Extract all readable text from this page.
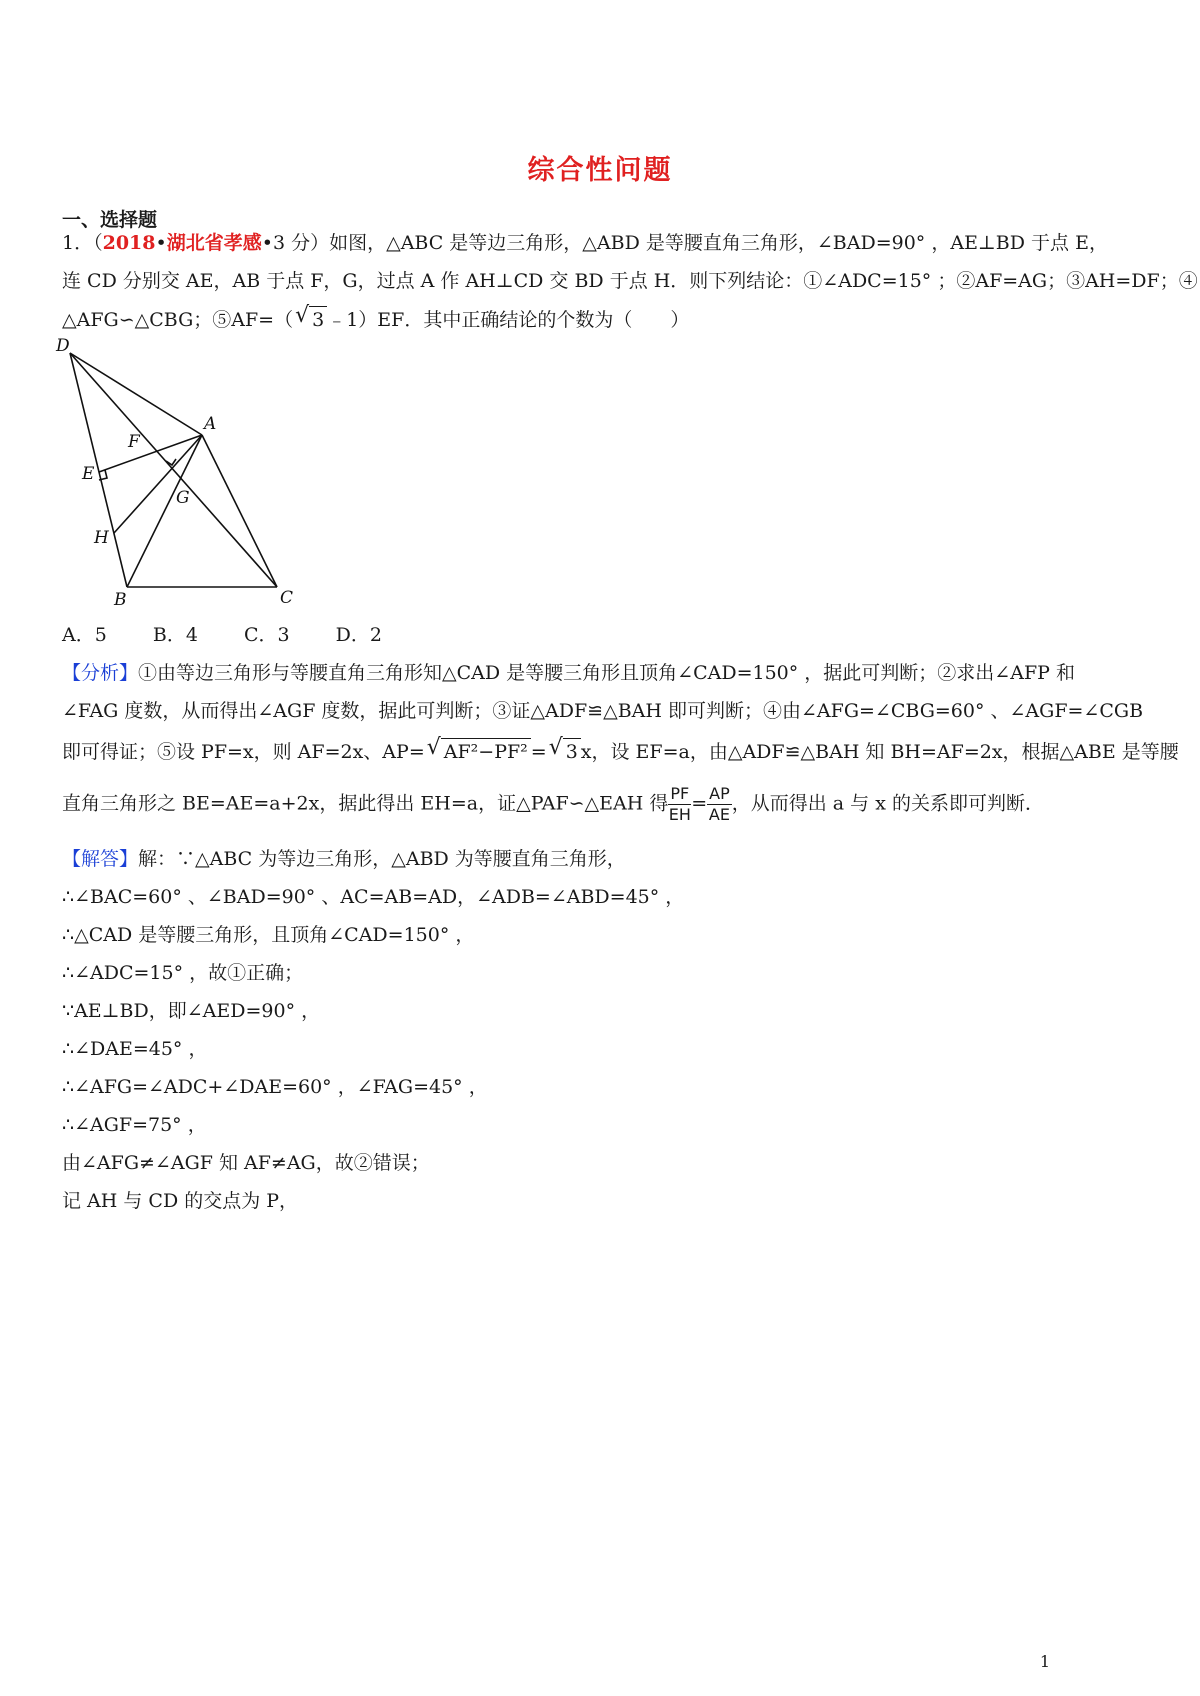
综合性问题
一、选择题
1．（2018•湖北省孝感•3 分）如图，△ABC 是等边三角形，△ABD 是等腰直角三角形，∠BAD=90° ，AE⊥BD 于点 E，
连 CD 分别交 AE，AB 于点 F，G，过点 A 作 AH⊥CD 交 BD 于点 H．则下列结论：①∠ADC=15° ；②AF=AG；③AH=DF；④
△AFG∽△CBG；⑤AF=（ √ 3 ﹣1）EF．其中正确结论的个数为（　　）
D
A
F
E
G
H
B	C
A．5 B．4 C．3 D．2
【分析】①由等边三角形与等腰直角三角形知△CAD 是等腰三角形且顶角∠CAD=150° ，据此可判断；②求出∠AFP 和
∠FAG 度数，从而得出∠AGF 度数，据此可判断；③证△ADF≌△BAH 即可判断；④由∠AFG=∠CBG=60° 、∠AGF=∠CGB
即可得证；⑤设 PF=x，则 AF=2x、AP= √ AF²−PF² = √ 3 x，设 EF=a，由△ADF≌△BAH 知 BH=AF=2x，根据△ABE 是等腰
直角三角形之 BE=AE=a+2x，据此得出 EH=a，证△PAF∽△EAH 得 $\frac{PF}{EH} = \frac{AP}{AE}$ ，从而得出 a 与 x 的关系即可判断．
【解答】解：∵△ABC 为等边三角形，△ABD 为等腰直角三角形，
∴∠BAC=60° 、∠BAD=90° 、AC=AB=AD，∠ADB=∠ABD=45° ，
∴△CAD 是等腰三角形，且顶角∠CAD=150° ，
∴∠ADC=15° ，故①正确；
∵AE⊥BD，即∠AED=90° ，
∴∠DAE=45° ，
∴∠AFG=∠ADC+∠DAE=60° ，∠FAG=45° ，
∴∠AGF=75° ，
由∠AFG≠∠AGF 知 AF≠AG，故②错误；
记 AH 与 CD 的交点为 P，
1
